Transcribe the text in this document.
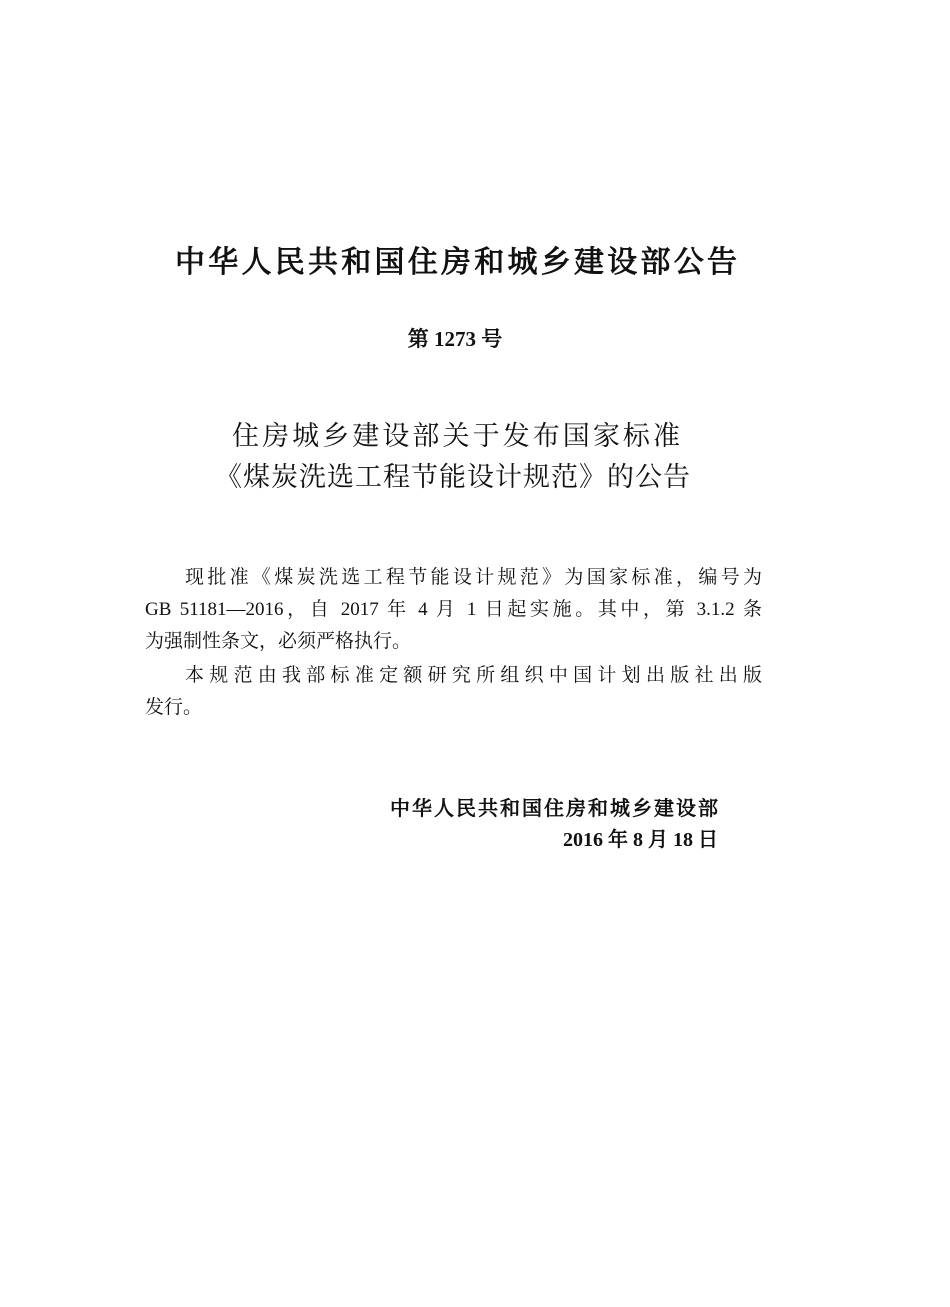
中华人民共和国住房和城乡建设部公告
第 1273 号
住房城乡建设部关于发布国家标准
《煤炭洗选工程节能设计规范》的公告
现批准《煤炭洗选工程节能设计规范》为国家标准，编号为
GB 51181—2016，自 2017 年 4 月 1 日起实施。其中，第 3.1.2 条
为强制性条文，必须严格执行。
本规范由我部标准定额研究所组织中国计划出版社出版
发行。
中华人民共和国住房和城乡建设部
2016 年 8 月 18 日
